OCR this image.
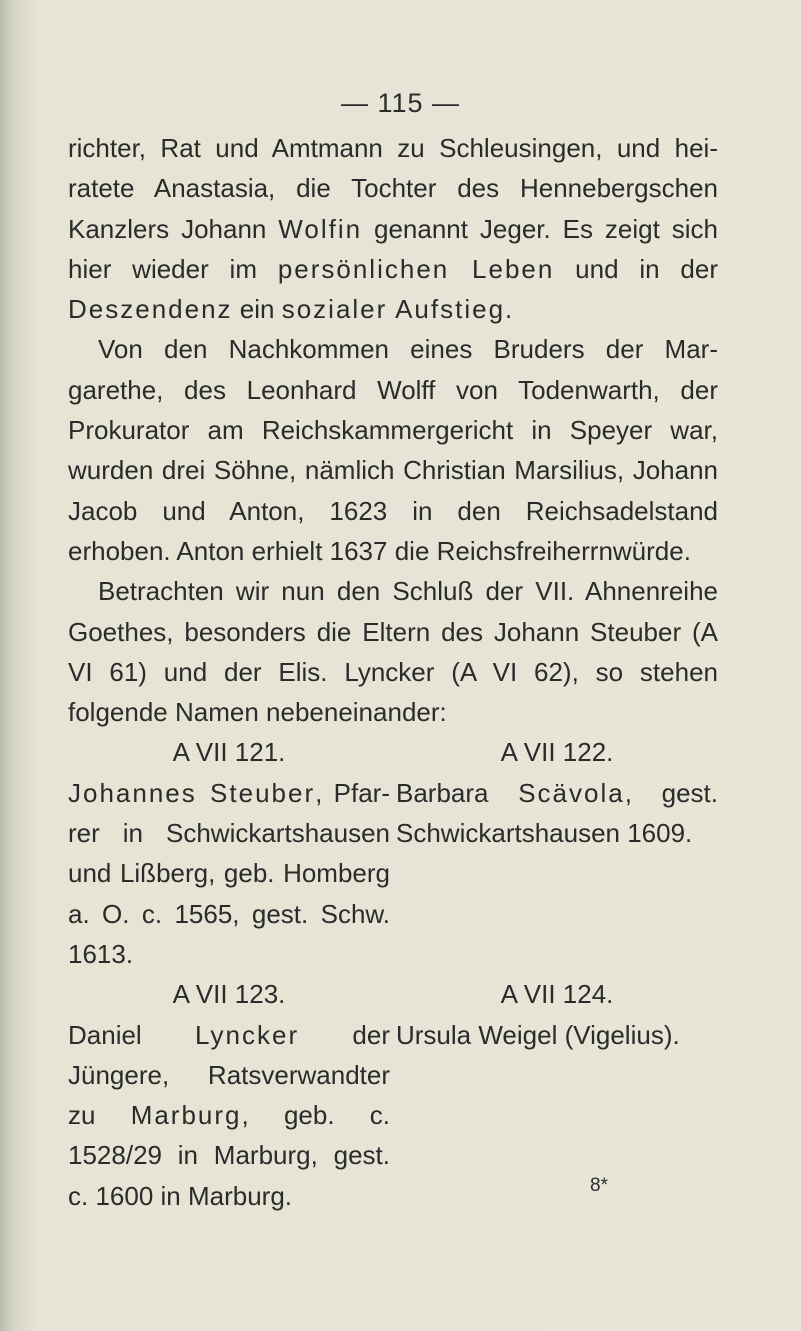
— 115 —

richter, Rat und Amtmann zu Schleusingen, und heiratete Anastasia, die Tochter des Hennebergschen Kanzlers Johann Wolfin genannt Jeger. Es zeigt sich hier wieder im persönlichen Leben und in der Deszendenz ein sozialer Aufstieg.

Von den Nachkommen eines Bruders der Margarethe, des Leonhard Wolff von Todenwarth, der Prokurator am Reichskammergericht in Speyer war, wurden drei Söhne, nämlich Christian Marsilius, Johann Jacob und Anton, 1623 in den Reichsadelstand erhoben. Anton erhielt 1637 die Reichsfreiherrnwürde.

Betrachten wir nun den Schluß der VII. Ahnenreihe Goethes, besonders die Eltern des Johann Steuber (A VI 61) und der Elis. Lyncker (A VI 62), so stehen folgende Namen nebeneinander:

A VII 121.
Johannes Steuber, Pfarrer in Schwickartshausen und Lißberg, geb. Homberg a. O. c. 1565, gest. Schw. 1613.
A VII 122.
Barbara Scävola, gest. Schwickartshausen 1609.
A VII 123.
Daniel Lyncker der Jüngere, Ratsverwandter zu Marburg, geb. c. 1528/29 in Marburg, gest. c. 1600 in Marburg.
A VII 124.
Ursula Weigel (Vigelius).
8*
